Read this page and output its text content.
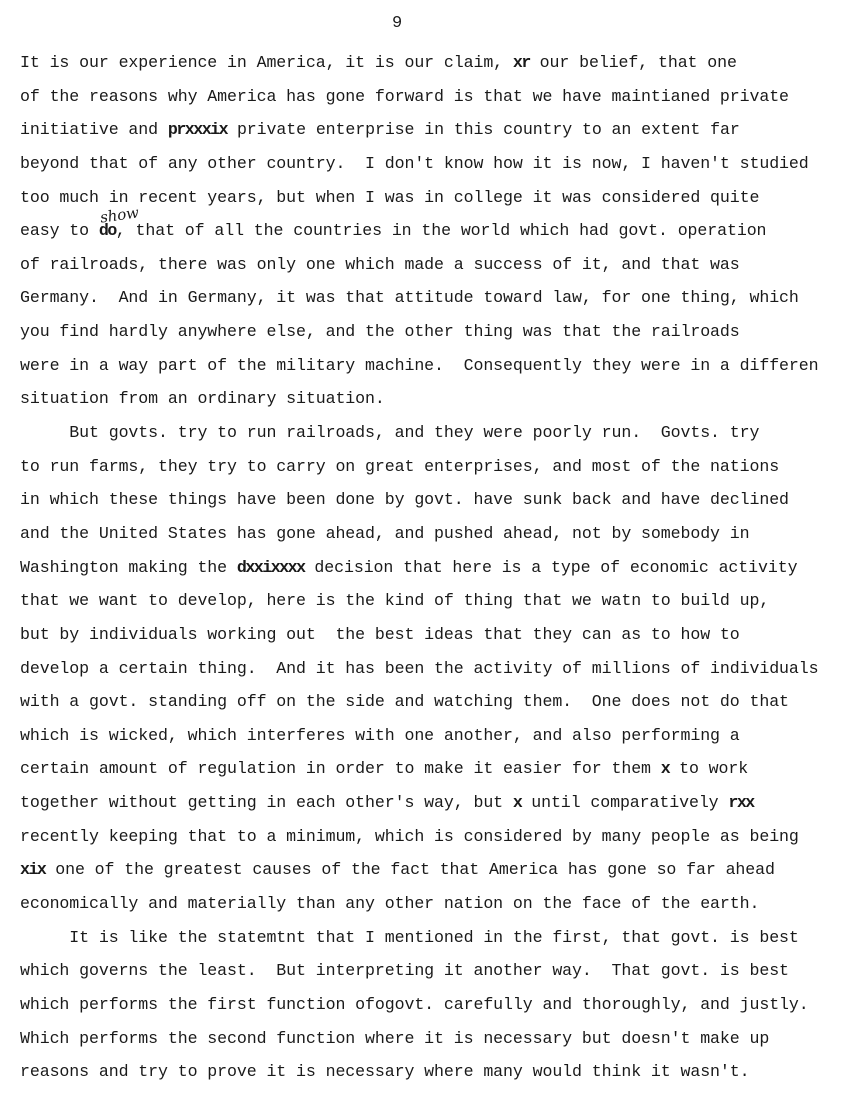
9
It is our experience in America, it is our claim, xr our belief, that one
of the reasons why America has gone forward is that we have maintianed private
initiative and prxxxix private enterprise in this country to an extent far
beyond that of any other country.  I don't know how it is now, I haven't studied
too much in recent years, but when I was in college it was considered quite
easy to do
show
, that of all the countries in the world which had govt. operation
of railroads, there was only one which made a success of it, and that was
Germany.  And in Germany, it was that attitude toward law, for one thing, which
you find hardly anywhere else, and the other thing was that the railroads
were in a way part of the military machine.  Consequently they were in a differen
situation from an ordinary situation.
But govts. try to run railroads, and they were poorly run.  Govts. try
to run farms, they try to carry on great enterprises, and most of the nations
in which these things have been done by govt. have sunk back and have declined
and the United States has gone ahead, and pushed ahead, not by somebody in
Washington making the dxxixxxx decision that here is a type of economic activity
that we want to develop, here is the kind of thing that we watn to build up,
but by individuals working out  the best ideas that they can as to how to
develop a certain thing.  And it has been the activity of millions of individuals
with a govt. standing off on the side and watching them.  One does not do that
which is wicked, which interferes with one another, and also performing a
certain amount of regulation in order to make it easier for them x to work
together without getting in each other's way, but x until comparatively rxx
recently keeping that to a minimum, which is considered by many people as being
xix one of the greatest causes of the fact that America has gone so far ahead
economically and materially than any other nation on the face of the earth.
It is like the statemtnt that I mentioned in the first, that govt. is best
which governs the least.  But interpreting it another way.  That govt. is best
which performs the first function ofogovt. carefully and thoroughly, and justly.
Which performs the second function where it is necessary but doesn't make up
reasons and try to prove it is necessary where many would think it wasn't.
